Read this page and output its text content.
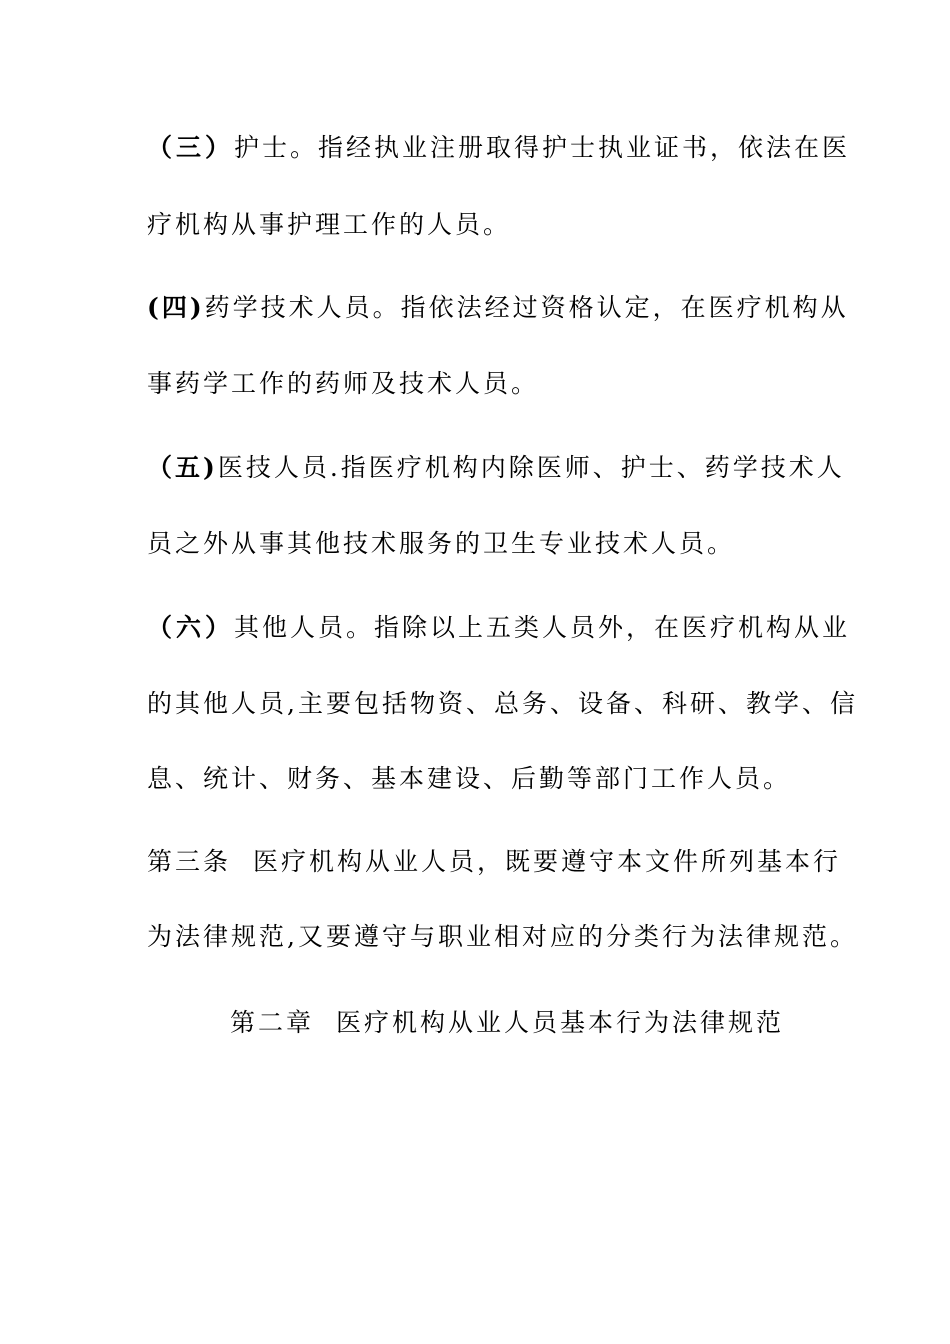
（三）护士。指经执业注册取得护士执业证书，依法在医
疗机构从事护理工作的人员。
(四)药学技术人员。指依法经过资格认定，在医疗机构从
事药学工作的药师及技术人员。
（五)医技人员.指医疗机构内除医师、护士、药学技术人
员之外从事其他技术服务的卫生专业技术人员。
（六）其他人员。指除以上五类人员外，在医疗机构从业
的其他人员,主要包括物资、总务、设备、科研、教学、信
息、统计、财务、基本建设、后勤等部门工作人员。
第三条 医疗机构从业人员，既要遵守本文件所列基本行
为法律规范,又要遵守与职业相对应的分类行为法律规范。
第二章 医疗机构从业人员基本行为法律规范
